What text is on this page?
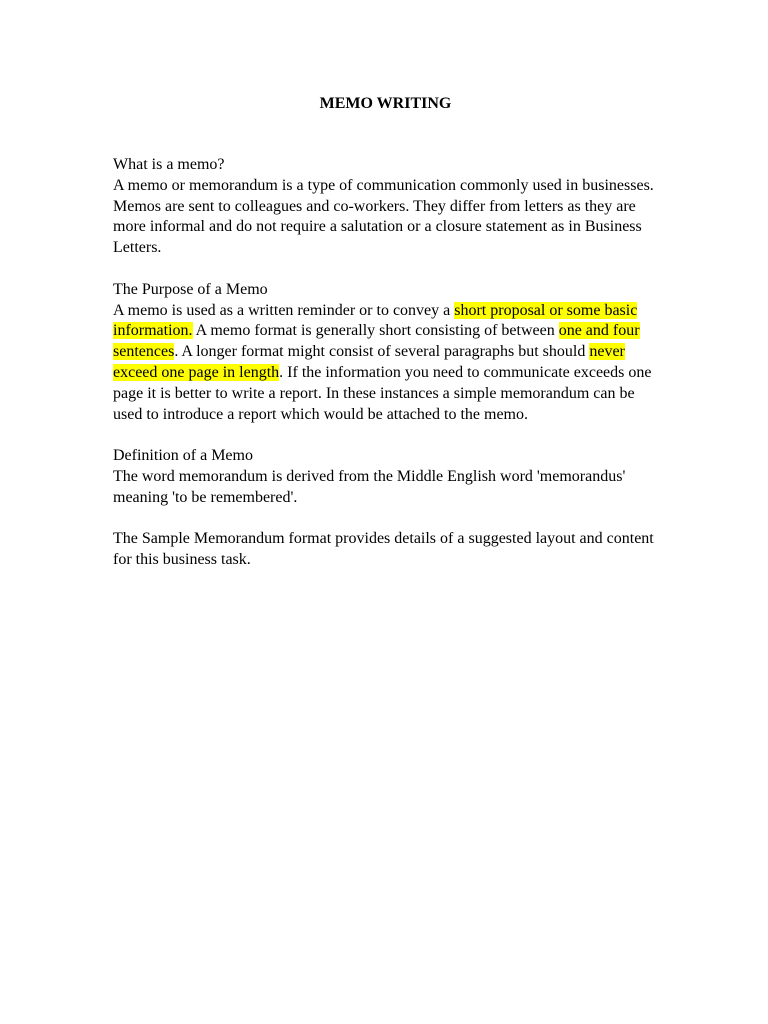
MEMO WRITING

What is a memo?

A memo or memorandum is a type of communication commonly used in businesses. Memos are sent to colleagues and co-workers. They differ from letters as they are more informal and do not require a salutation or a closure statement as in Business Letters.

The Purpose of a Memo

A memo is used as a written reminder or to convey a short proposal or some basic information. A memo format is generally short consisting of between one and four sentences. A longer format might consist of several paragraphs but should never exceed one page in length. If the information you need to communicate exceeds one page it is better to write a report. In these instances a simple memorandum can be used to introduce a report which would be attached to the memo.

Definition of a Memo

The word memorandum is derived from the Middle English word 'memorandus' meaning 'to be remembered'.

The Sample Memorandum format provides details of a suggested layout and content for this business task.
